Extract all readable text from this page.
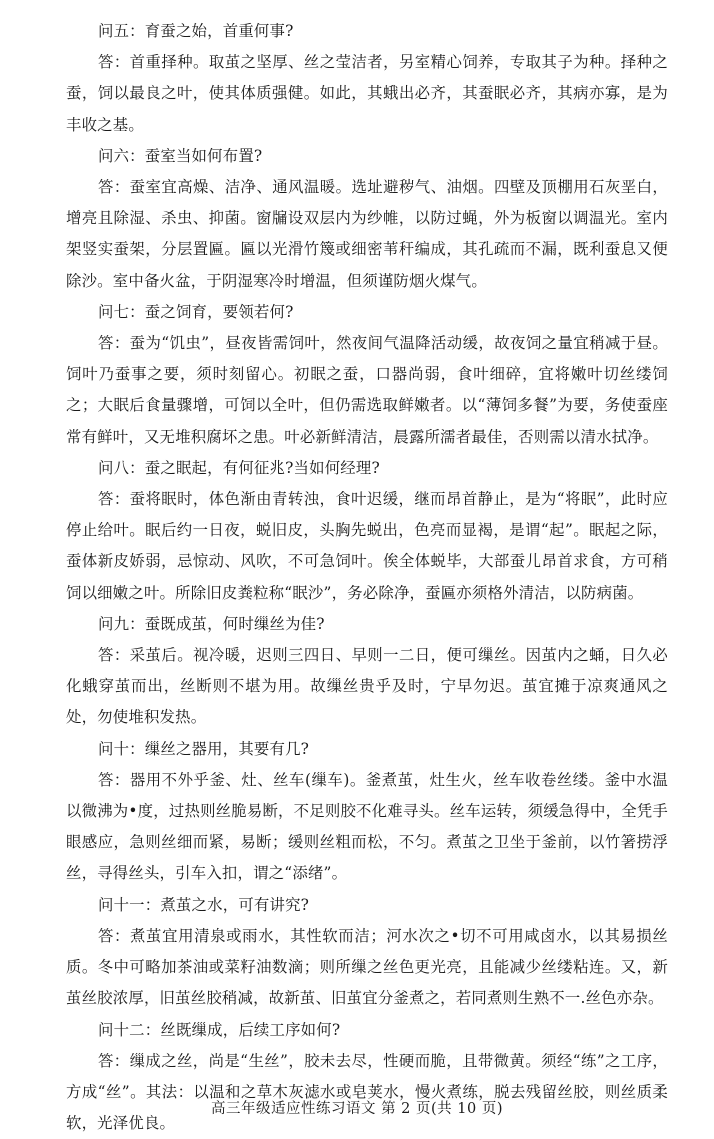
问五：育蚕之始，首重何事?

答：首重择种。取茧之坚厚、丝之莹洁者，另室精心饲养，专取其子为种。择种之蚕，饲以最良之叶，使其体质强健。如此，其蛾出必齐，其蚕眠必齐，其病亦寡，是为丰收之基。

问六：蚕室当如何布置?

答：蚕室宜高燥、洁净、通风温暖。选址避秽气、油烟。四壁及顶棚用石灰垩白，增亮且除湿、杀虫、抑菌。窗牖设双层内为纱帷，以防过蝇，外为板窗以调温光。室内架竖实蚕架，分层置匾。匾以光滑竹篾或细密苇秆编成，其孔疏而不漏，既利蚕息又便除沙。室中备火盆，于阴湿寒冷时增温，但须谨防烟火煤气。

问七：蚕之饲育，要领若何?

答：蚕为“饥虫”，昼夜皆需饲叶，然夜间气温降活动缓，故夜饲之量宜稍减于昼。饲叶乃蚕事之要，须时刻留心。初眠之蚕，口器尚弱，食叶细碎，宜将嫩叶切丝缕饲之；大眠后食量骤增，可饲以全叶，但仍需选取鲜嫩者。以“薄饲多餐”为要，务使蚕座常有鲜叶，又无堆积腐坏之患。叶必新鲜清洁，晨露所濡者最佳，否则需以清水拭净。

问八：蚕之眠起，有何征兆?当如何经理?

答：蚕将眠时，体色渐由青转浊，食叶迟缓，继而昂首静止，是为“将眠”，此时应停止给叶。眠后约一日夜，蜕旧皮，头胸先蜕出，色亮而显褐，是谓“起”。眠起之际，蚕体新皮娇弱，忌惊动、风吹，不可急饲叶。俟全体蜕毕，大部蚕儿昂首求食，方可稍饲以细嫩之叶。所除旧皮粪粒称“眠沙”，务必除净，蚕匾亦须格外清洁，以防病菌。

问九：蚕既成茧，何时缫丝为佳?

答：采茧后。视冷暖，迟则三四日、早则一二日，便可缫丝。因茧内之蛹，日久必化蛾穿茧而出，丝断则不堪为用。故缫丝贵乎及时，宁早勿迟。茧宜摊于凉爽通风之处，勿使堆积发热。

问十：缫丝之器用，其要有几?

答：器用不外乎釜、灶、丝车(缫车)。釜煮茧，灶生火，丝车收卷丝缕。釜中水温以微沸为•度，过热则丝脆易断，不足则胶不化难寻头。丝车运转，须缓急得中，全凭手眼感应，急则丝细而紧，易断；缓则丝粗而松，不匀。煮茧之卫坐于釜前，以竹箸捞浮丝，寻得丝头，引车入扣，谓之“添绪”。

问十一：煮茧之水，可有讲究?

答：煮茧宜用清泉或雨水，其性软而洁；河水次之•切不可用咸卤水，以其易损丝质。冬中可略加茶油或菜籽油数滴；则所缫之丝色更光亮，且能减少丝缕粘连。又，新茧丝胶浓厚，旧茧丝胶稍减，故新茧、旧茧宜分釜煮之，若同煮则生熟不一.丝色亦杂。

问十二：丝既缫成，后续工序如何?

答：缫成之丝，尚是“生丝”，胶未去尽，性硬而脆，且带微黄。须经“练”之工序，方成“丝”。其法：以温和之草木灰滤水或皂荚水，慢火煮练，脱去残留丝胶，则丝质柔软，光泽优良。

高三年级适应性练习语文 第 2 页(共 10 页)
